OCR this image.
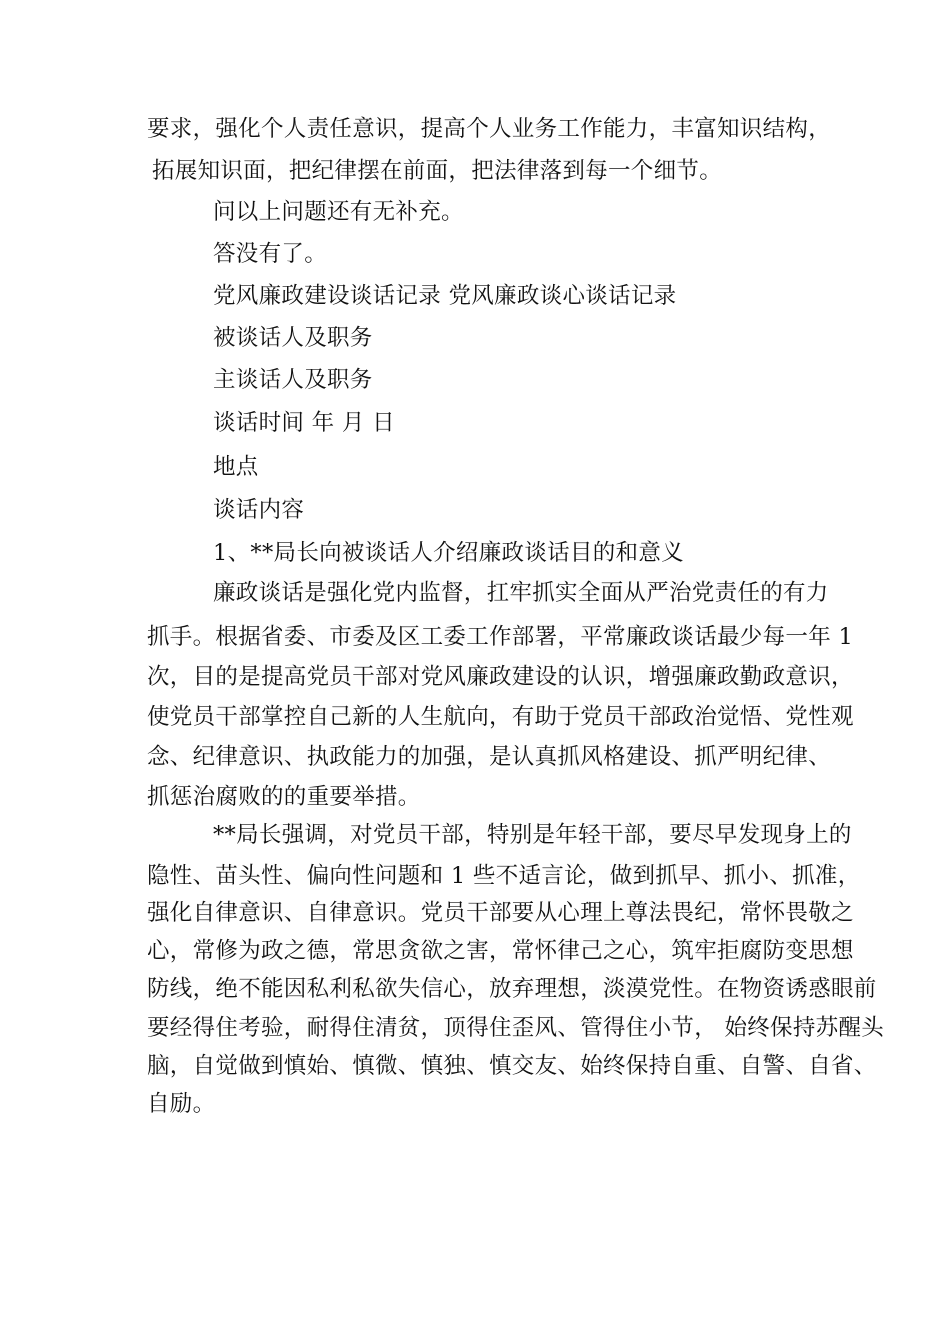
要求，强化个人责任意识，提高个人业务工作能力，丰富知识结构，
拓展知识面，把纪律摆在前面，把法律落到每一个细节。
问以上问题还有无补充。
答没有了。
党风廉政建设谈话记录 党风廉政谈心谈话记录
被谈话人及职务
主谈话人及职务
谈话时间 年 月 日
地点
谈话内容
1、**局长向被谈话人介绍廉政谈话目的和意义
廉政谈话是强化党内监督，扛牢抓实全面从严治党责任的有力
抓手。根据省委、市委及区工委工作部署，平常廉政谈话最少每一年 1
次，目的是提高党员干部对党风廉政建设的认识，增强廉政勤政意识，
使党员干部掌控自己新的人生航向，有助于党员干部政治觉悟、党性观
念、纪律意识、执政能力的加强，是认真抓风格建设、抓严明纪律、
抓惩治腐败的的重要举措。
**局长强调，对党员干部，特别是年轻干部，要尽早发现身上的
隐性、苗头性、偏向性问题和 1 些不适言论，做到抓早、抓小、抓准，
强化自律意识、自律意识。党员干部要从心理上尊法畏纪，常怀畏敬之
心，常修为政之德，常思贪欲之害，常怀律己之心，筑牢拒腐防变思想
防线，绝不能因私利私欲失信心，放弃理想，淡漠党性。在物资诱惑眼前
要经得住考验，耐得住清贫，顶得住歪风、管得住小节， 始终保持苏醒头
脑，自觉做到慎始、慎微、慎独、慎交友、始终保持自重、自警、自省、
自励。
